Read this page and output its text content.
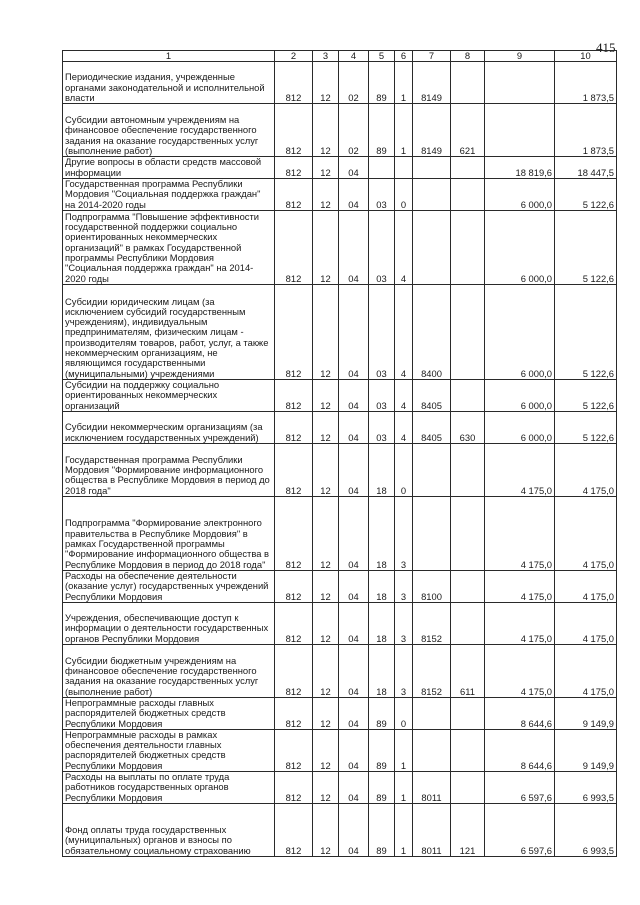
415
1	2	3	4	5	6	7	8	9	10
Периодические издания, учрежденные органами законодательной и исполнительной власти	812	12	02	89	1	8149			1 873,5
Субсидии автономным учреждениям на финансовое обеспечение государственного задания на оказание государственных услуг (выполнение работ)	812	12	02	89	1	8149	621		1 873,5
Другие вопросы в области средств массовой информации	812	12	04					18 819,6	18 447,5
Государственная программа Республики Мордовия "Социальная поддержка граждан" на 2014-2020 годы	812	12	04	03	0			6 000,0	5 122,6
Подпрограмма "Повышение эффективности государственной поддержки социально ориентированных некоммерческих организаций" в рамках Государственной программы Республики Мордовия "Социальная поддержка граждан" на 2014-2020 годы	812	12	04	03	4			6 000,0	5 122,6
Субсидии юридическим лицам (за исключением субсидий государственным учреждениям), индивидуальным предпринимателям, физическим лицам - производителям товаров, работ, услуг, а также некоммерческим организациям, не являющимся государственными (муниципальными) учреждениями	812	12	04	03	4	8400		6 000,0	5 122,6
Субсидии на поддержку социально ориентированных некоммерческих организаций	812	12	04	03	4	8405		6 000,0	5 122,6
Субсидии некоммерческим организациям (за исключением государственных учреждений)	812	12	04	03	4	8405	630	6 000,0	5 122,6
Государственная программа Республики Мордовия "Формирование информационного общества в Республике Мордовия в период до 2018 года"	812	12	04	18	0			4 175,0	4 175,0
Подпрограмма "Формирование электронного правительства в Республике Мордовия" в рамках Государственной программы "Формирование информационного общества в Республике Мордовия в период до 2018 года"	812	12	04	18	3			4 175,0	4 175,0
Расходы на обеспечение деятельности (оказание услуг) государственных учреждений Республики Мордовия	812	12	04	18	3	8100		4 175,0	4 175,0
Учреждения, обеспечивающие доступ к информации о деятельности государственных органов Республики Мордовия	812	12	04	18	3	8152		4 175,0	4 175,0
Субсидии бюджетным учреждениям на финансовое обеспечение государственного задания на оказание государственных услуг (выполнение работ)	812	12	04	18	3	8152	611	4 175,0	4 175,0
Непрограммные расходы главных распорядителей бюджетных средств Республики Мордовия	812	12	04	89	0			8 644,6	9 149,9
Непрограммные расходы в рамках обеспечения деятельности главных распорядителей бюджетных средств Республики Мордовия	812	12	04	89	1			8 644,6	9 149,9
Расходы на выплаты по оплате труда работников государственных органов Республики Мордовия	812	12	04	89	1	8011		6 597,6	6 993,5
Фонд оплаты труда государственных (муниципальных) органов и взносы по обязательному социальному страхованию	812	12	04	89	1	8011	121	6 597,6	6 993,5
